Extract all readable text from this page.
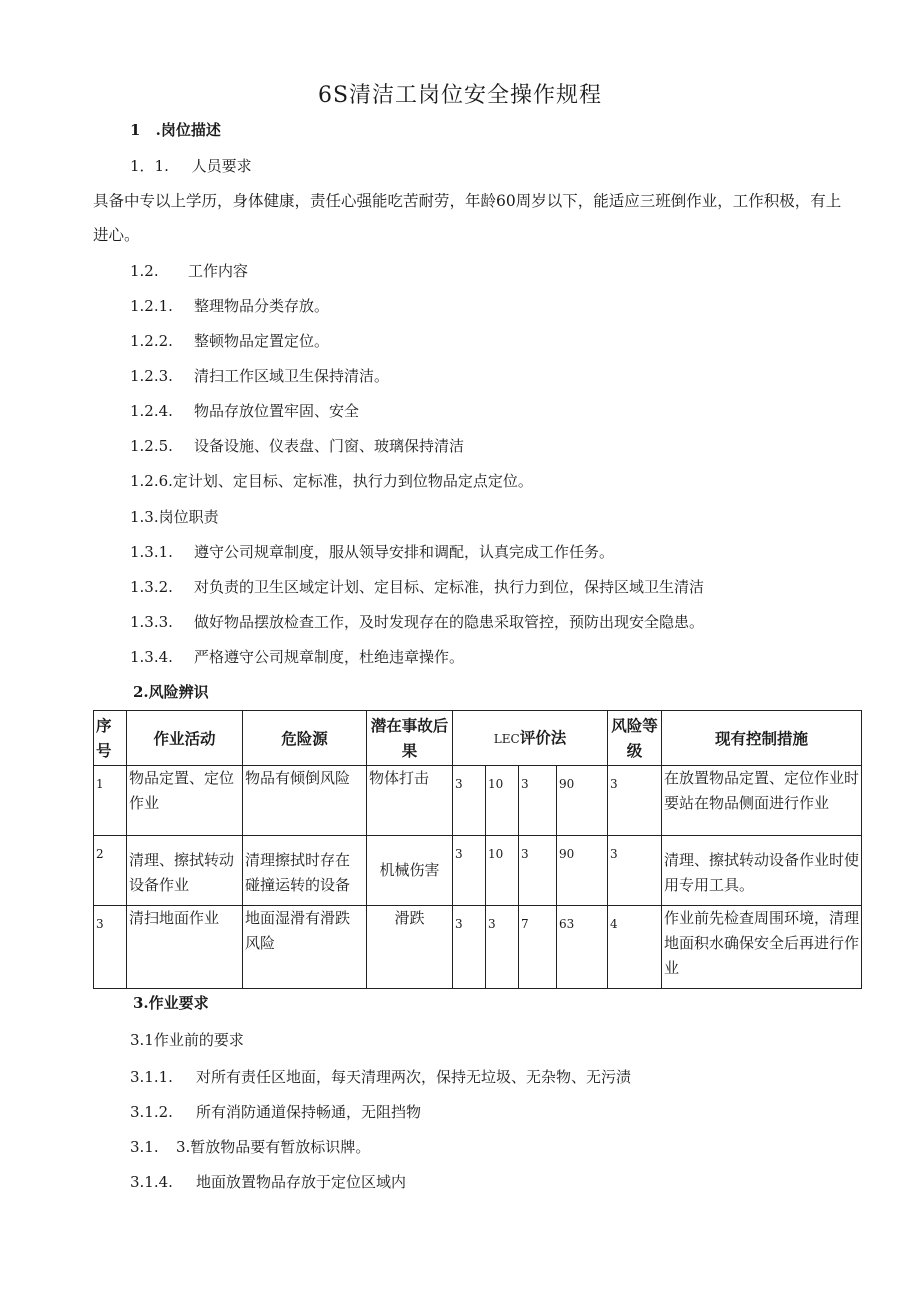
6S清洁工岗位安全操作规程
1 .岗位描述
1．1. 人员要求
具备中专以上学历，身体健康，责任心强能吃苦耐劳，年龄60周岁以下，能适应三班倒作业，工作积极，有上进心。
1.2. 工作内容
1.2.1. 整理物品分类存放。
1.2.2. 整顿物品定置定位。
1.2.3. 清扫工作区域卫生保持清洁。
1.2.4. 物品存放位置牢固、安全
1.2.5. 设备设施、仪表盘、门窗、玻璃保持清洁
1.2.6.定计划、定目标、定标准，执行力到位物品定点定位。
1.3.岗位职责
1.3.1. 遵守公司规章制度，服从领导安排和调配，认真完成工作任务。
1.3.2. 对负责的卫生区域定计划、定目标、定标准，执行力到位，保持区域卫生清洁
1.3.3. 做好物品摆放检查工作，及时发现存在的隐患采取管控，预防出现安全隐患。
1.3.4. 严格遵守公司规章制度，杜绝违章操作。
2.风险辨识
序号	作业活动	危险源	潜在事故后果	LEC评价法				风险等级	现有控制措施
1	物品定置、定位作业	物品有倾倒风险	物体打击	3	10	3	90	3	在放置物品定置、定位作业时要站在物品侧面进行作业

2	清理、擦拭转动设备作业	清理擦拭时存在碰撞运转的设备	机械伤害	3	10	3	90	3	清理、擦拭转动设备作业时使用专用工具。
3	清扫地面作业	地面湿滑有滑跌风险	滑跌	3	3	7	63	4	作业前先检查周围环境，清理地面积水确保安全后再进行作业
3.作业要求
3.1作业前的要求
3.1.1. 对所有责任区地面，每天清理两次，保持无垃圾、无杂物、无污渍
3.1.2. 所有消防通道保持畅通，无阻挡物
3.1. 3.暂放物品要有暂放标识牌。
3.1.4. 地面放置物品存放于定位区域内
